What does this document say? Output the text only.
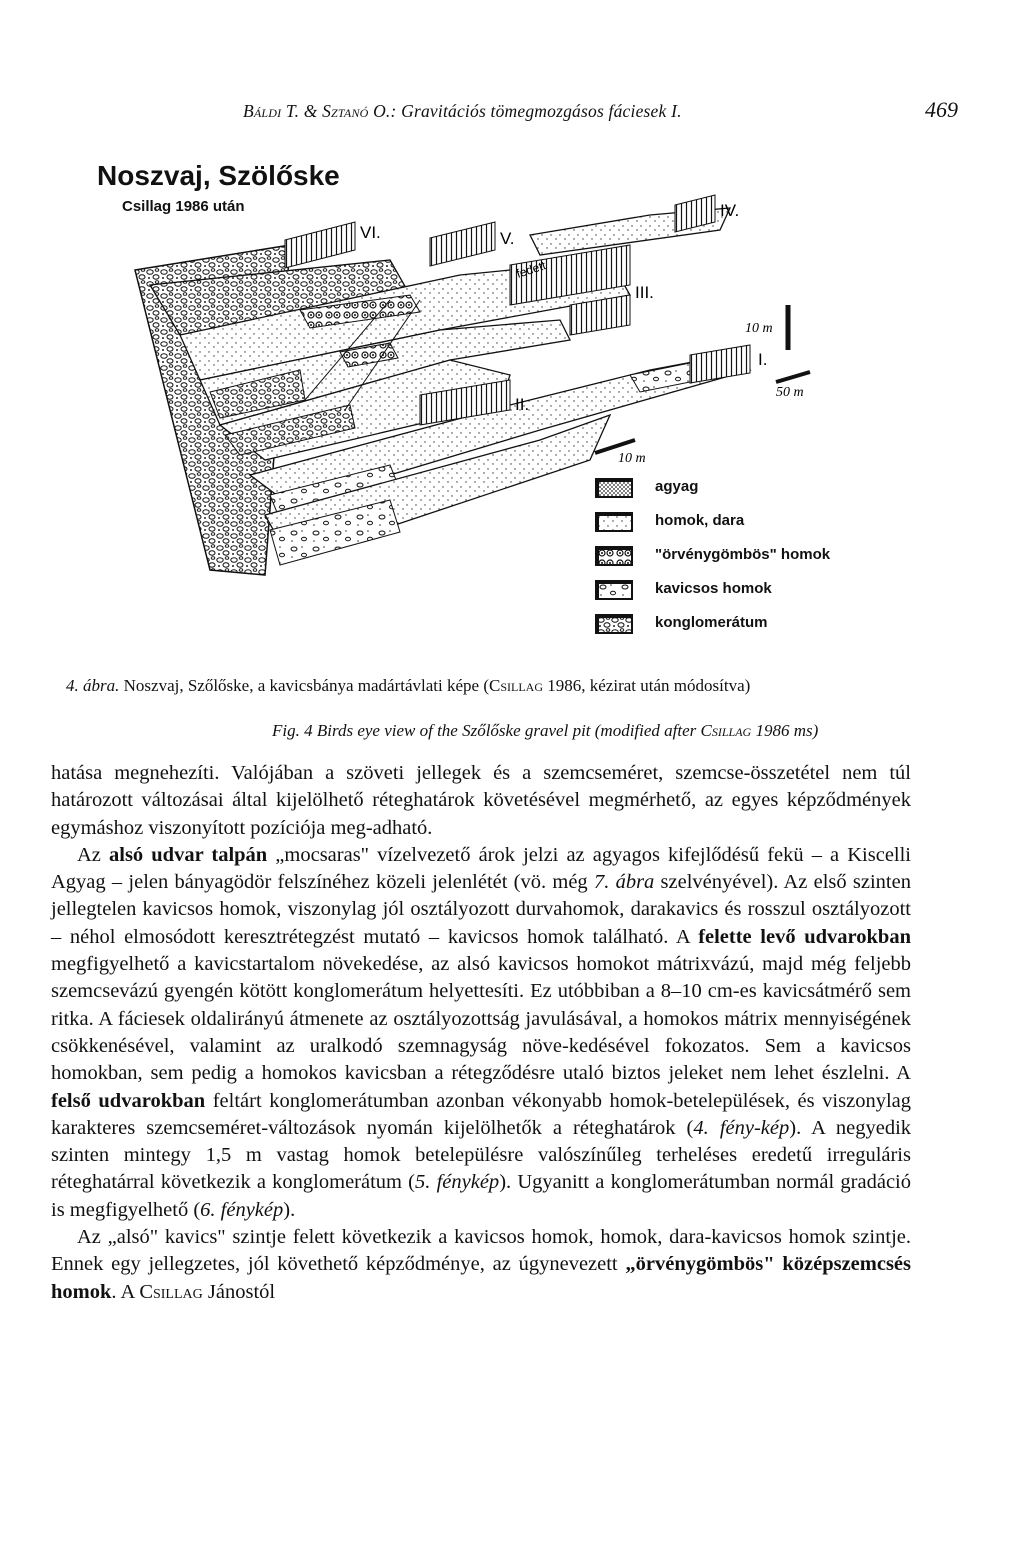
Báldi T. & Sztanó O.: Gravitációs tömegmozgásos fáciesek I.	469
VI.	V.
IV.
III.
II.
I.
fedett
10 m
50 m
10 m
Noszvaj, Szölőske
Csillag 1986 után
agyag
homok, dara
"örvénygömbös" homok
kavicsos homok
konglomerátum
4. ábra. Noszvaj, Szőlőske, a kavicsbánya madártávlati képe (Csillag 1986, kézirat után módosítva)
Fig. 4 Birds eye view of the Szőlőske gravel pit (modified after Csillag 1986 ms)

hatása megnehezíti. Valójában a szöveti jellegek és a szemcseméret, szemcse-összetétel nem túl határozott változásai által kijelölhető réteghatárok követésével megmérhető, az egyes képződmények egymáshoz viszonyított pozíciója meg-adható.

Az alsó udvar talpán „mocsaras" vízelvezető árok jelzi az agyagos kifejlődésű fekü – a Kiscelli Agyag – jelen bányagödör felszínéhez közeli jelenlétét (vö. még 7. ábra szelvényével). Az első szinten jellegtelen kavicsos homok, viszonylag jól osztályozott durvahomok, darakavics és rosszul osztályozott – néhol elmosódott keresztrétegzést mutató – kavicsos homok található. A felette levő udvarokban megfigyelhető a kavicstartalom növekedése, az alsó kavicsos homokot mátrixvázú, majd még feljebb szemcsevázú gyengén kötött konglomerátum helyettesíti. Ez utóbbiban a 8–10 cm-es kavicsátmérő sem ritka. A fáciesek oldalirányú átmenete az osztályozottság javulásával, a homokos mátrix mennyiségének csökkenésével, valamint az uralkodó szemnagyság növe-kedésével fokozatos. Sem a kavicsos homokban, sem pedig a homokos kavicsban a rétegződésre utaló biztos jeleket nem lehet észlelni. A felső udvarokban feltárt konglomerátumban azonban vékonyabb homok-betelepülések, és viszonylag karakteres szemcseméret-változások nyomán kijelölhetők a réteghatárok (4. fény-kép). A negyedik szinten mintegy 1,5 m vastag homok betelepülésre valószínűleg terheléses eredetű irreguláris réteghatárral következik a konglomerátum (5. fénykép). Ugyanitt a konglomerátumban normál gradáció is megfigyelhető (6. fénykép).

Az „alsó" kavics" szintje felett következik a kavicsos homok, homok, dara-kavicsos homok szintje. Ennek egy jellegzetes, jól követhető képződménye, az úgynevezett „örvénygömbös" középszemcsés homok. A Csillag Jánostól
